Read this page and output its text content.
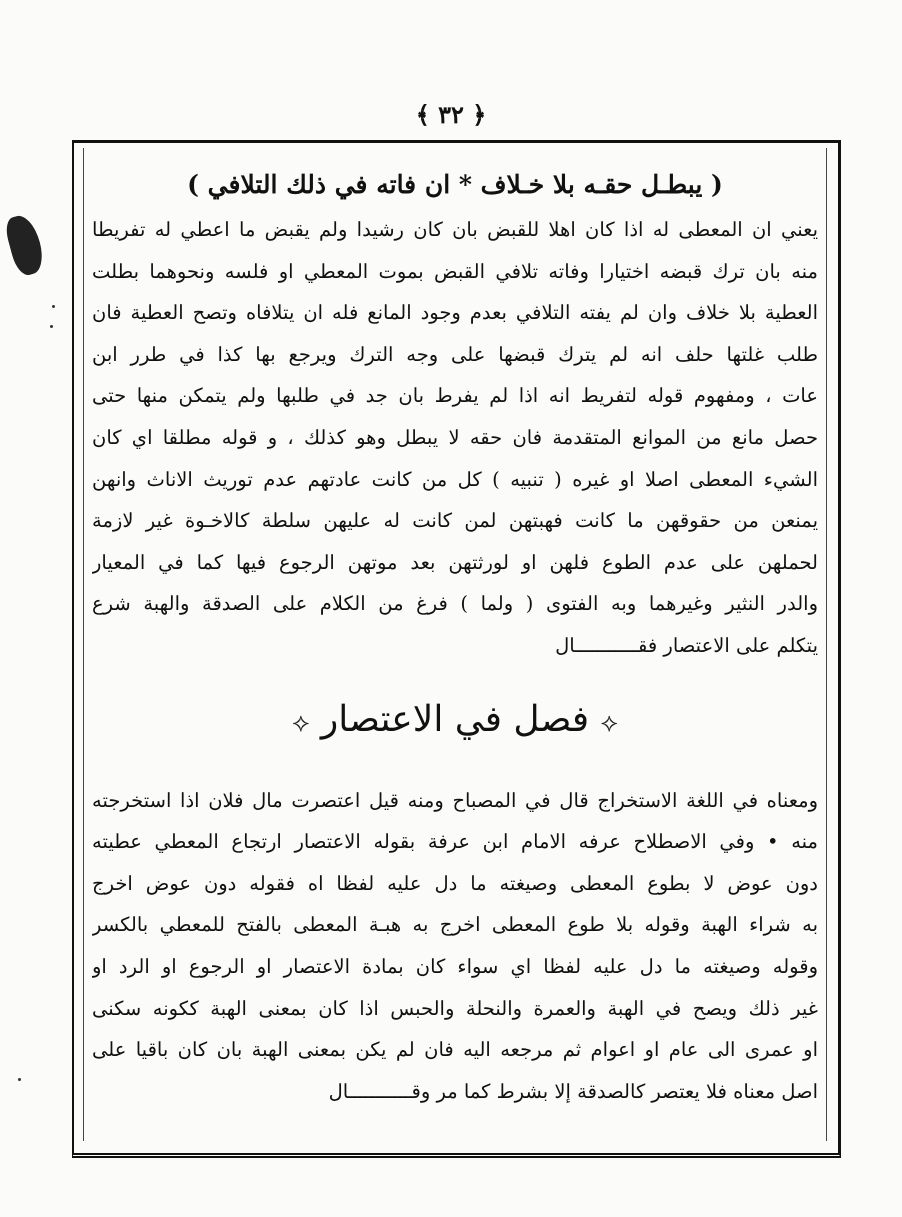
﴿ ٣٢ ﴾
( يبطـل حقـه بلا خـلاف * ان فاته في ذلك التلافي )
يعني ان المعطى له اذا كان اهلا للقبض بان كان رشيدا ولم يقبض ما اعطي له تفريطا
منه بان ترك قبضه اختيارا وفاته تلافي القبض بموت المعطي او فلسه ونحوهما بطلت
العطية بلا خلاف وان لم يفته التلافي بعدم وجود المانع فله ان يتلافاه وتصح العطية فان
طلب غلتها حلف انه لم يترك قبضها على وجه الترك ويرجع بها كذا في طرر ابن
عات ، ومفهوم قوله لتفريط انه اذا لم يفرط بان جد في طلبها ولم يتمكن منها حتى
حصل مانع من الموانع المتقدمة فان حقه لا يبطل وهو كذلك ، و قوله مطلقا اي كان
الشيء المعطى اصلا او غيره ( تنبيه ) كل من كانت عادتهم عدم توريث الاناث وانهن
يمنعن من حقوقهن ما كانت فهبتهن لمن كانت له عليهن سلطة كالاخـوة غير لازمة
لحملهن على عدم الطوع فلهن او لورثتهن بعد موتهن الرجوع فيها كما في المعيار
والدر النثير وغيرهما وبه الفتوى ( ولما ) فرغ من الكلام على الصدقة والهبة شرع
يتكلم على الاعتصار فقـــــــــــال
⟡ فصل في الاعتصار ⟡
ومعناه في اللغة الاستخراج قال في المصباح ومنه قيل اعتصرت مال فلان اذا استخرجته
منه • وفي الاصطلاح عرفه الامام ابن عرفة بقوله الاعتصار ارتجاع المعطي عطيته
دون عوض لا بطوع المعطى وصيغته ما دل عليه لفظا اه فقوله دون عوض اخرج
به شراء الهبة وقوله بلا طوع المعطى اخرج به هبـة المعطى بالفتح للمعطي بالكسر
وقوله وصيغته ما دل عليه لفظا اي سواء كان بمادة الاعتصار او الرجوع او الرد او
غير ذلك ويصح في الهبة والعمرة والنحلة والحبس اذا كان بمعنى الهبة ككونه سكنى
او عمرى الى عام او اعوام ثم مرجعه اليه فان لم يكن بمعنى الهبة بان كان باقيا على
اصل معناه فلا يعتصر كالصدقة إلا بشرط كما مر وقـــــــــــال
